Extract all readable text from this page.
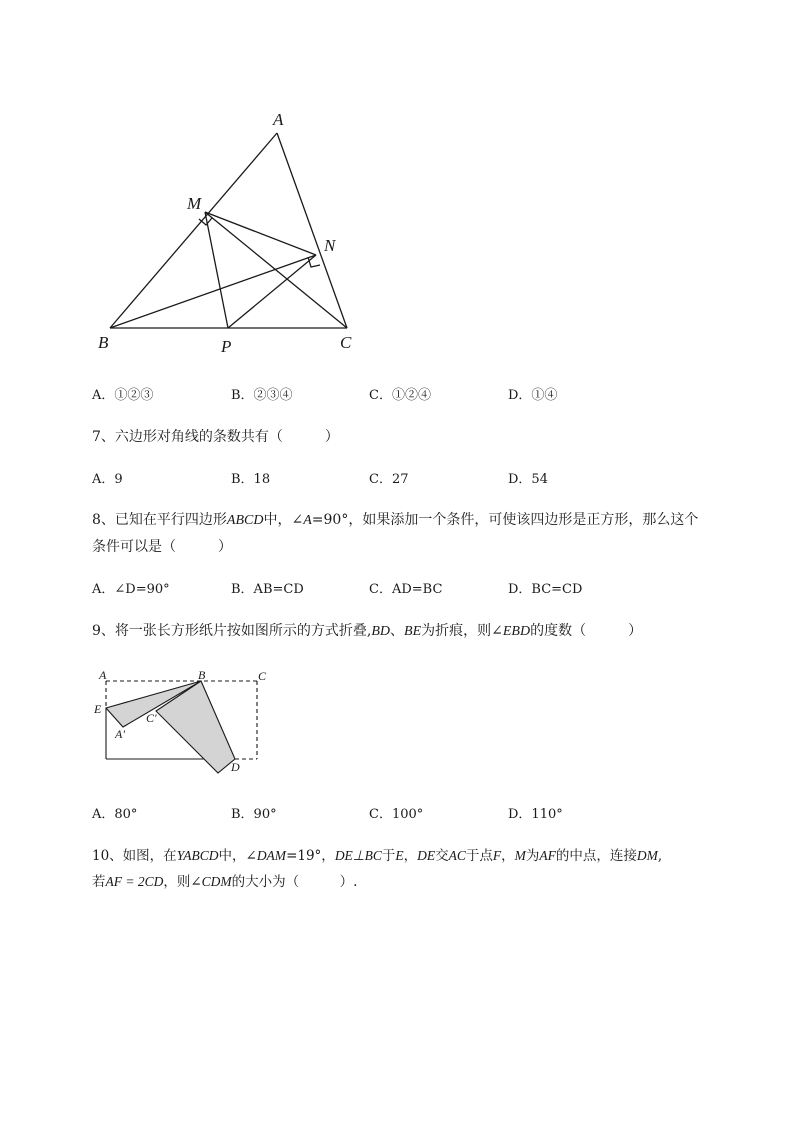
A
M
N
B	P	C
A．①②③	B．②③④	C．①②④	D．①④
7、六边形对角线的条数共有（　　　）
A．9	B．18	C．27	D．54
8、已知在平行四边形ABCD中，∠A=90°，如果添加一个条件，可使该四边形是正方形，那么这个
条件可以是（　　　）
A．∠D=90°	B．AB=CD	C．AD=BC	D．BC=CD
9、将一张长方形纸片按如图所示的方式折叠,BD、BE为折痕，则∠EBD的度数（　　　）
A	B	C
E
A'
C'
D
A．80°	B．90°	C．100°	D．110°
10、如图，在YABCD中，∠DAM=19°，DE⊥BC于E，DE交AC于点F，M为AF的中点，连接DM,
若AF = 2CD，则∠CDM的大小为（　　　）.
